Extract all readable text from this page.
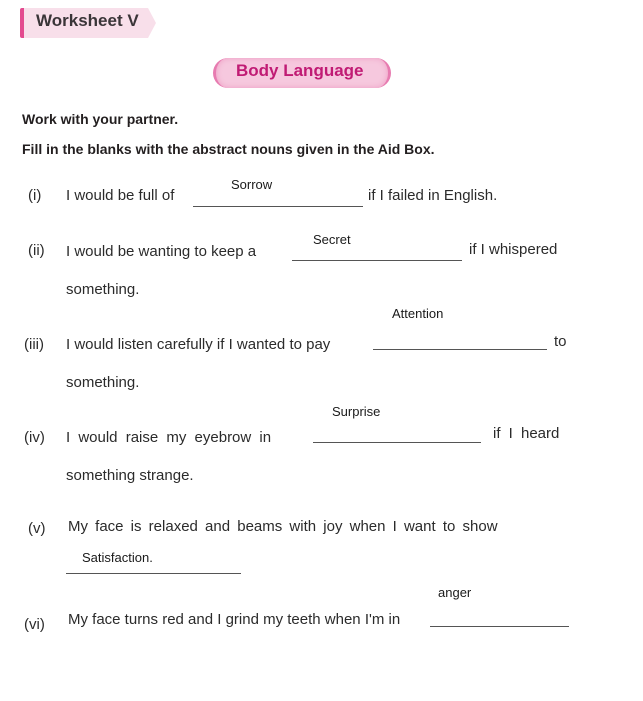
Worksheet V
Body Language
Work with your partner.
Fill in the blanks with the abstract nouns given in the Aid Box.
Sorrow
(i) I would be full of	if I failed in English.
Secret
(ii) I would be wanting to keep a	if I whispered
something.
Attention
(iii) I would listen carefully if I wanted to pay	to
something.
Surprise
(iv) I would raise my eyebrow in	if I heard
something strange.
(v) My face is relaxed and beams with joy when I want to show
Satisfaction.
anger
(vi) My face turns red and I grind my teeth when I'm in
